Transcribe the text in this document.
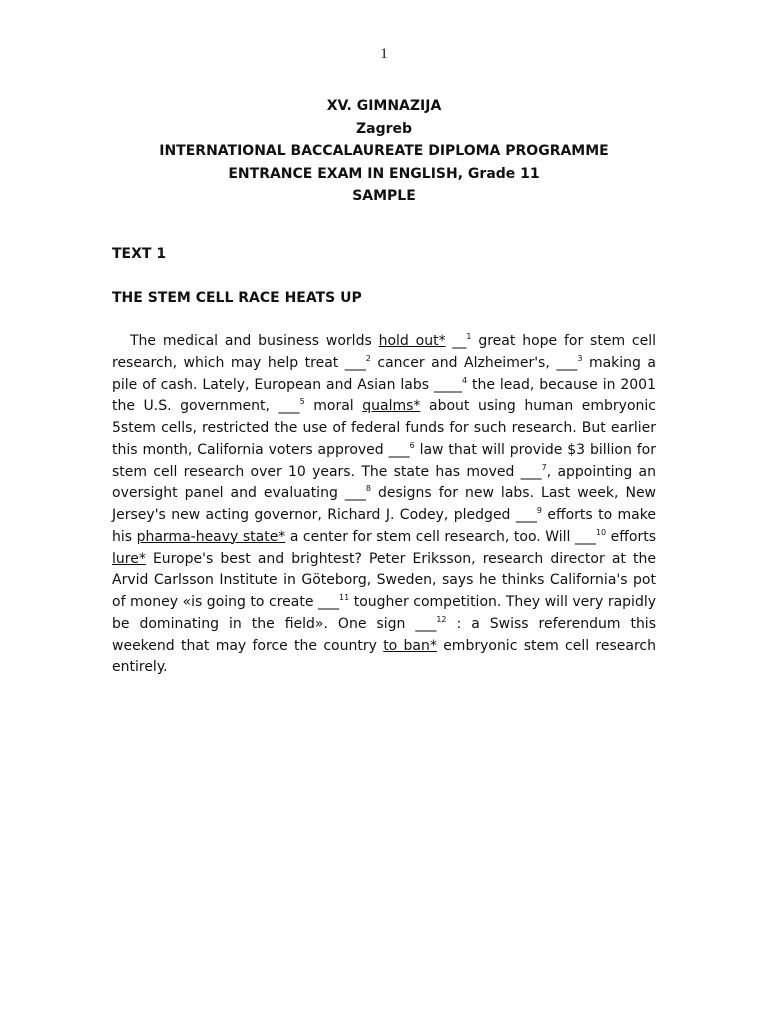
1
XV. GIMNAZIJA
Zagreb
INTERNATIONAL BACCALAUREATE DIPLOMA PROGRAMME
ENTRANCE EXAM IN ENGLISH, Grade 11
SAMPLE
TEXT 1
THE STEM CELL RACE HEATS UP
The medical and business worlds hold out* __$^1$ great hope for stem cell research, which may help treat ___$^2$ cancer and Alzheimer's, ___$^3$ making a pile of cash. Lately, European and Asian labs ____$^4$ the lead, because in 2001 the U.S. government, ___$^5$ moral qualms* about using human embryonic 5stem cells, restricted the use of federal funds for such research. But earlier this month, California voters approved ___$^6$ law that will provide $3 billion for stem cell research over 10 years. The state has moved ___$^7$, appointing an oversight panel and evaluating ___$^8$ designs for new labs. Last week, New Jersey's new acting governor, Richard J. Codey, pledged ___$^9$ efforts to make his pharma-heavy state* a center for stem cell research, too. Will ___$^{10}$ efforts lure* Europe's best and brightest? Peter Eriksson, research director at the Arvid Carlsson Institute in Göteborg, Sweden, says he thinks California's pot of money «is going to create ___$^{11}$ tougher competition. They will very rapidly be dominating in the field». One sign ___$^{12}$ : a Swiss referendum this weekend that may force the country to ban* embryonic stem cell research entirely.
